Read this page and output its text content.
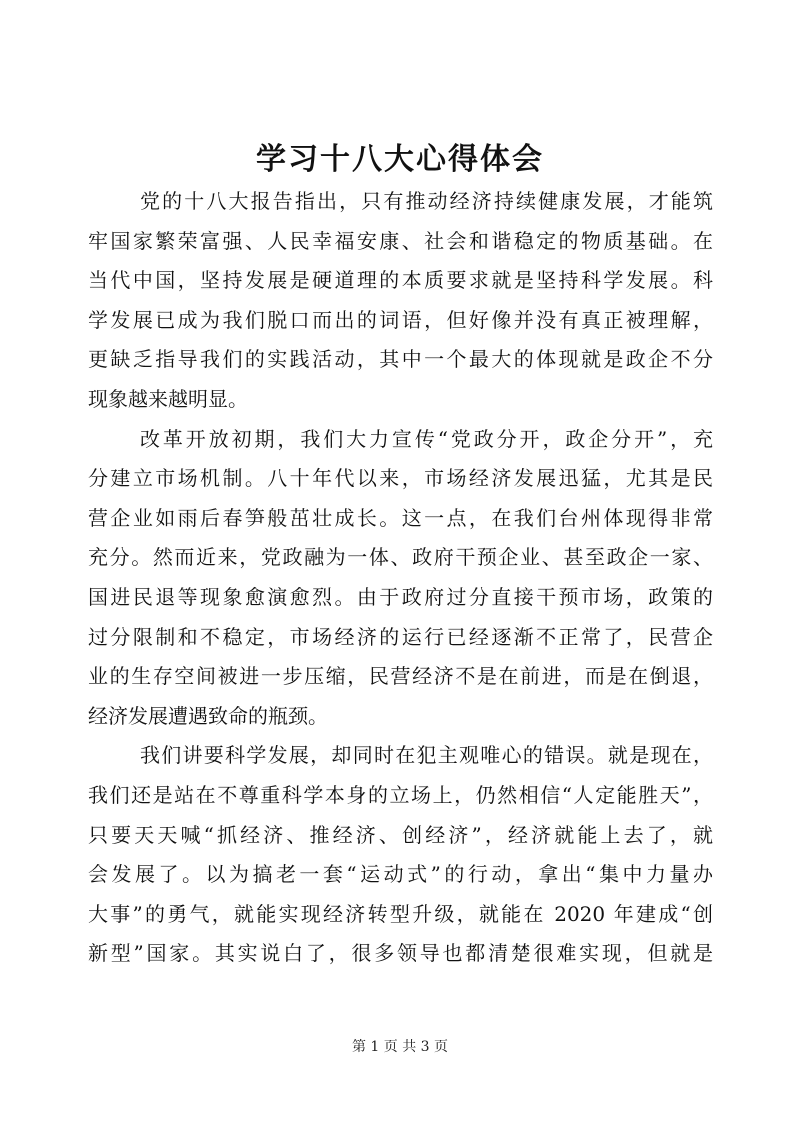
学习十八大心得体会
党的十八大报告指出，只有推动经济持续健康发展，才能筑
牢国家繁荣富强、人民幸福安康、社会和谐稳定的物质基础。在
当代中国，坚持发展是硬道理的本质要求就是坚持科学发展。科
学发展已成为我们脱口而出的词语，但好像并没有真正被理解，
更缺乏指导我们的实践活动，其中一个最大的体现就是政企不分
现象越来越明显。
改革开放初期，我们大力宣传“党政分开，政企分开”，充
分建立市场机制。八十年代以来，市场经济发展迅猛，尤其是民
营企业如雨后春笋般茁壮成长。这一点，在我们台州体现得非常
充分。然而近来，党政融为一体、政府干预企业、甚至政企一家、
国进民退等现象愈演愈烈。由于政府过分直接干预市场，政策的
过分限制和不稳定，市场经济的运行已经逐渐不正常了，民营企
业的生存空间被进一步压缩，民营经济不是在前进，而是在倒退，
经济发展遭遇致命的瓶颈。
我们讲要科学发展，却同时在犯主观唯心的错误。就是现在，
我们还是站在不尊重科学本身的立场上，仍然相信“人定能胜天”，
只要天天喊“抓经济、推经济、创经济”，经济就能上去了，就
会发展了。以为搞老一套“运动式”的行动，拿出“集中力量办
大事”的勇气，就能实现经济转型升级，就能在 2020 年建成“创
新型”国家。其实说白了，很多领导也都清楚很难实现，但就是
第 1 页 共 3 页
